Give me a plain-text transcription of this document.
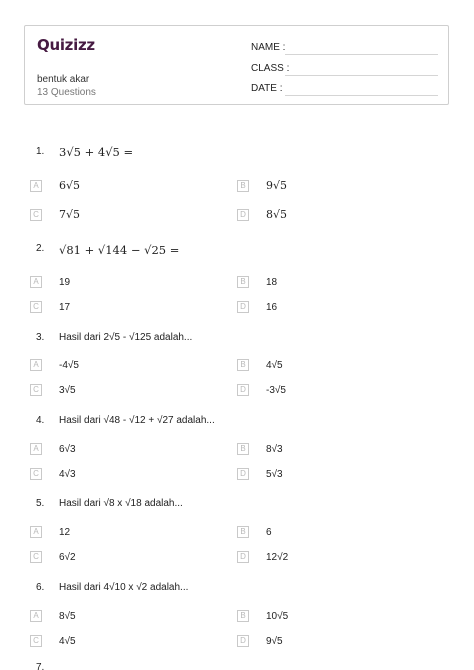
Quizizz
bentuk akar
13 Questions
NAME :
CLASS :
DATE :
1. 3√5 + 4√5 =
A	6√5	B	9√5
C 7√5	D 8√5
2. √81 + √144 − √25 =
A	19	B	18
C	17	D	16
3. Hasil dari 2√5 - √125 adalah...
A	-4√5	B	4√5
C	3√5	D	-3√5
4. Hasil dari √48 - √12 + √27 adalah...
A	6√3	B	8√3
C	4√3	D	5√3
5. Hasil dari √8 x √18 adalah...
A	12	B	6
C	6√2	D	12√2
6. Hasil dari 4√10 x √2 adalah...
A	8√5	B	10√5
C	4√5	D	9√5
7.
